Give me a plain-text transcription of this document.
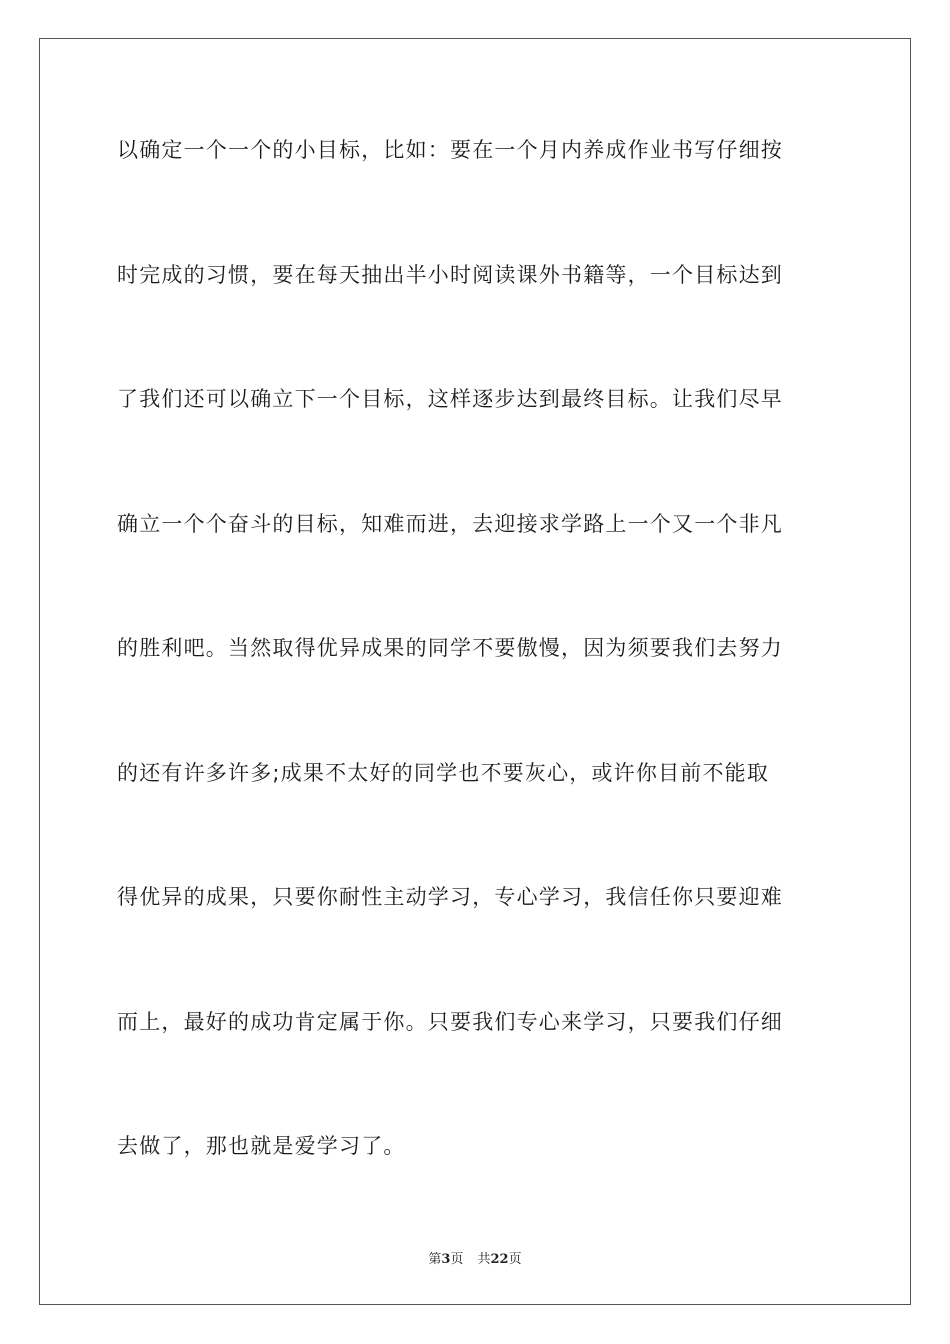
以确定一个一个的小目标，比如：要在一个月内养成作业书写仔细按
时完成的习惯，要在每天抽出半小时阅读课外书籍等，一个目标达到
了我们还可以确立下一个目标，这样逐步达到最终目标。让我们尽早
确立一个个奋斗的目标，知难而进，去迎接求学路上一个又一个非凡
的胜利吧。当然取得优异成果的同学不要傲慢，因为须要我们去努力
的还有许多许多;成果不太好的同学也不要灰心，或许你目前不能取
得优异的成果，只要你耐性主动学习，专心学习，我信任你只要迎难
而上，最好的成功肯定属于你。只要我们专心来学习，只要我们仔细
去做了，那也就是爱学习了。
第3页 共22页
